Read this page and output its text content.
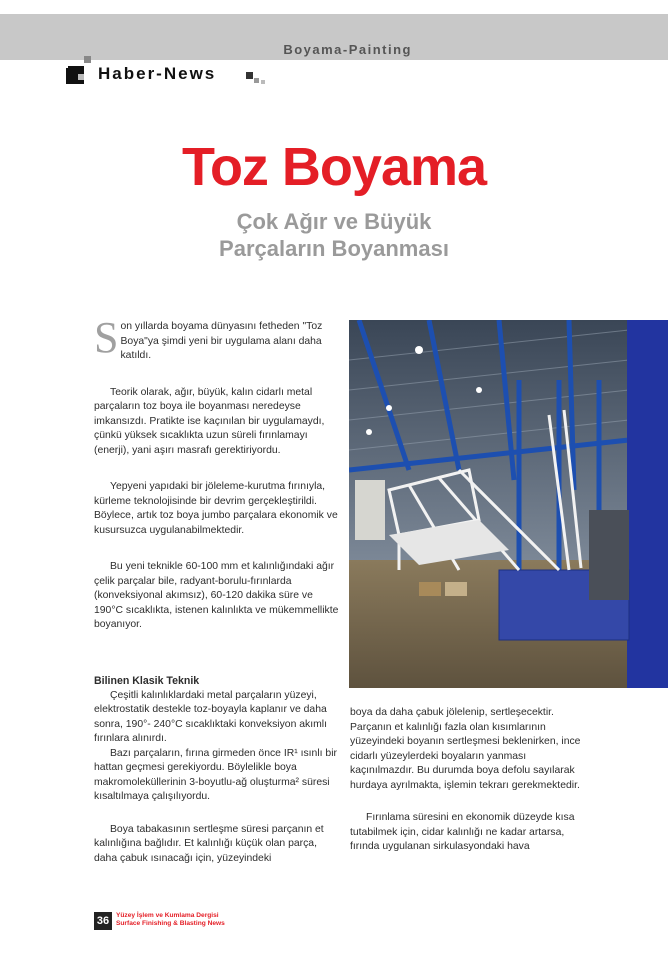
Boyama-Painting
Haber-News
Toz Boyama
Çok Ağır ve Büyük
Parçaların Boyanması

Son yıllarda boyama dünyasını fetheden "Toz Boya"ya şimdi yeni bir uygulama alanı daha katıldı.

Teorik olarak, ağır, büyük, kalın cidarlı metal parçaların toz boya ile boyanması neredeyse imkansızdı. Pratikte ise kaçınılan bir uygulamaydı, çünkü yüksek sıcaklıkta uzun süreli fırınlamayı (enerji), yani aşırı masrafı gerektiriyordu.

Yepyeni yapıdaki bir jöleleme-kurutma fırınıyla, kürleme teknolojisinde bir devrim gerçekleştirildi. Böylece, artık toz boya jumbo parçalara ekonomik ve kusursuzca uygulanabilmektedir.

Bu yeni teknikle 60-100 mm et kalınlığındaki ağır çelik parçalar bile, radyant-borulu-fırınlarda (konveksiyonal akımsız), 60-120 dakika süre ve 190°C sıcaklıkta, istenen kalınlıkta ve mükemmellikte boyanıyor.

Bilinen Klasik Teknik

Çeşitli kalınlıklardaki metal parçaların yüzeyi, elektrostatik destekle toz-boyayla kaplanır ve daha sonra, 190°- 240°C sıcaklıktaki konveksiyon akımlı fırınlara alınırdı.

Bazı parçaların, fırına girmeden önce IR¹ ısınlı bir hattan geçmesi gerekiyordu. Böylelikle boya makromoleküllerinin 3-boyutlu-ağ oluşturma² süresi kısaltılmaya çalışılıyordu.

Boya tabakasının sertleşme süresi parçanın et kalınlığına bağlıdır. Et kalınlığı küçük olan parça, daha çabuk ısınacağı için, yüzeyindeki

boya da daha çabuk jölelenip, sertleşecektir. Parçanın et kalınlığı fazla olan kısımlarının yüzeyindeki boyanın sertleşmesi beklenirken, ince cidarlı yüzeylerdeki boyaların yanması kaçınılmazdır. Bu durumda boya defolu sayılarak hurdaya ayrılmakta, işlemin tekrarı gerekmektedir.

Fırınlama süresini en ekonomik düzeyde kısa tutabilmek için, cidar kalınlığı ne kadar artarsa, fırında uygulanan sirkulasyondaki hava

36	Yüzey İşlem ve Kumlama Dergisi
Surface Finishing & Blasting News
